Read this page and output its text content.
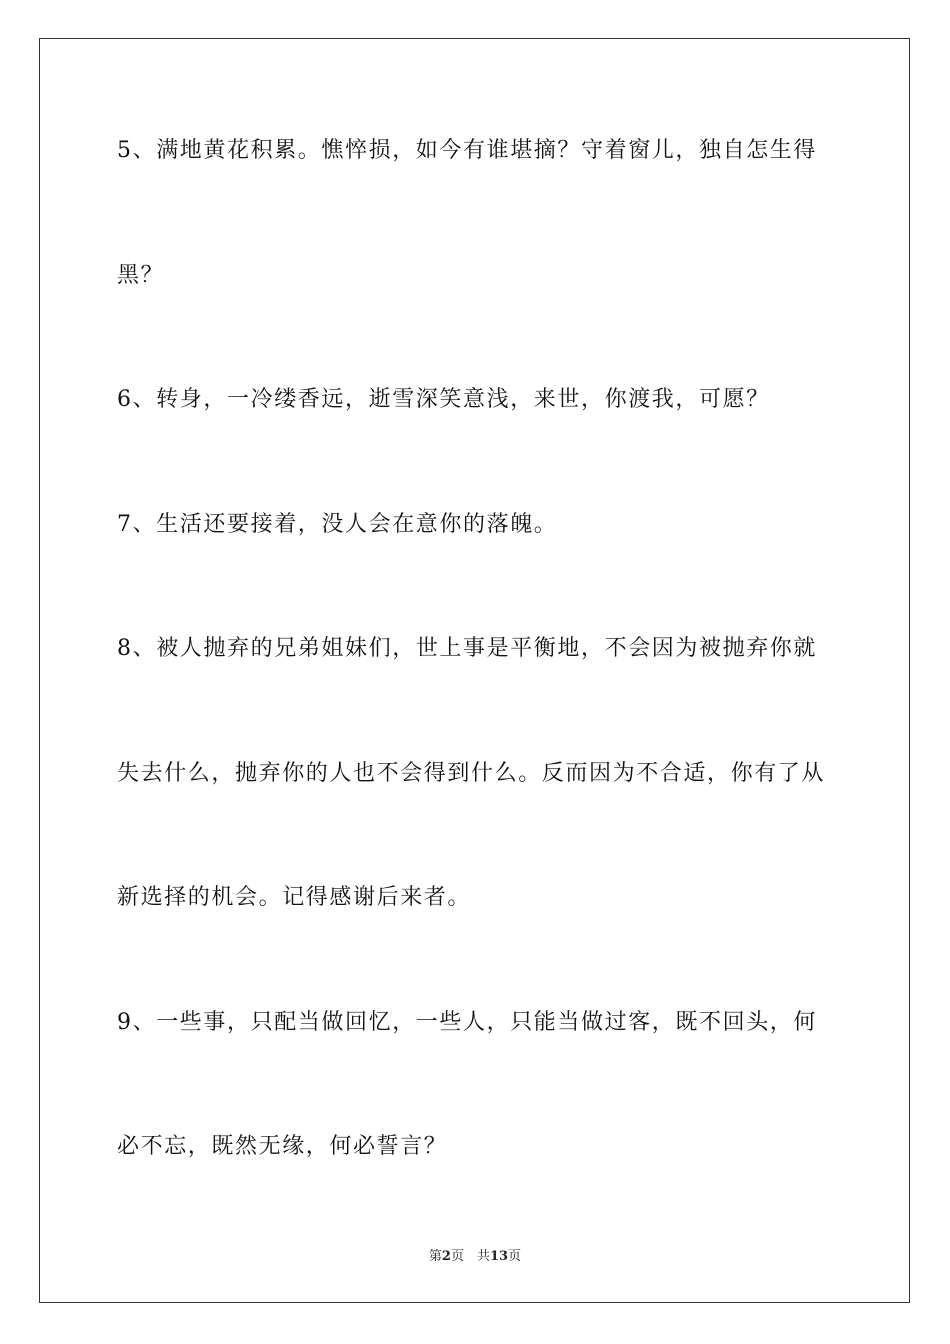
5、满地黄花积累。憔悴损，如今有谁堪摘？守着窗儿，独自怎生得
黑？
6、转身，一冷缕香远，逝雪深笑意浅，来世，你渡我，可愿？
7、生活还要接着，没人会在意你的落魄。
8、被人抛弃的兄弟姐妹们，世上事是平衡地，不会因为被抛弃你就
失去什么，抛弃你的人也不会得到什么。反而因为不合适，你有了从
新选择的机会。记得感谢后来者。
9、一些事，只配当做回忆，一些人，只能当做过客，既不回头，何
必不忘，既然无缘，何必誓言？
第2页　共13页
